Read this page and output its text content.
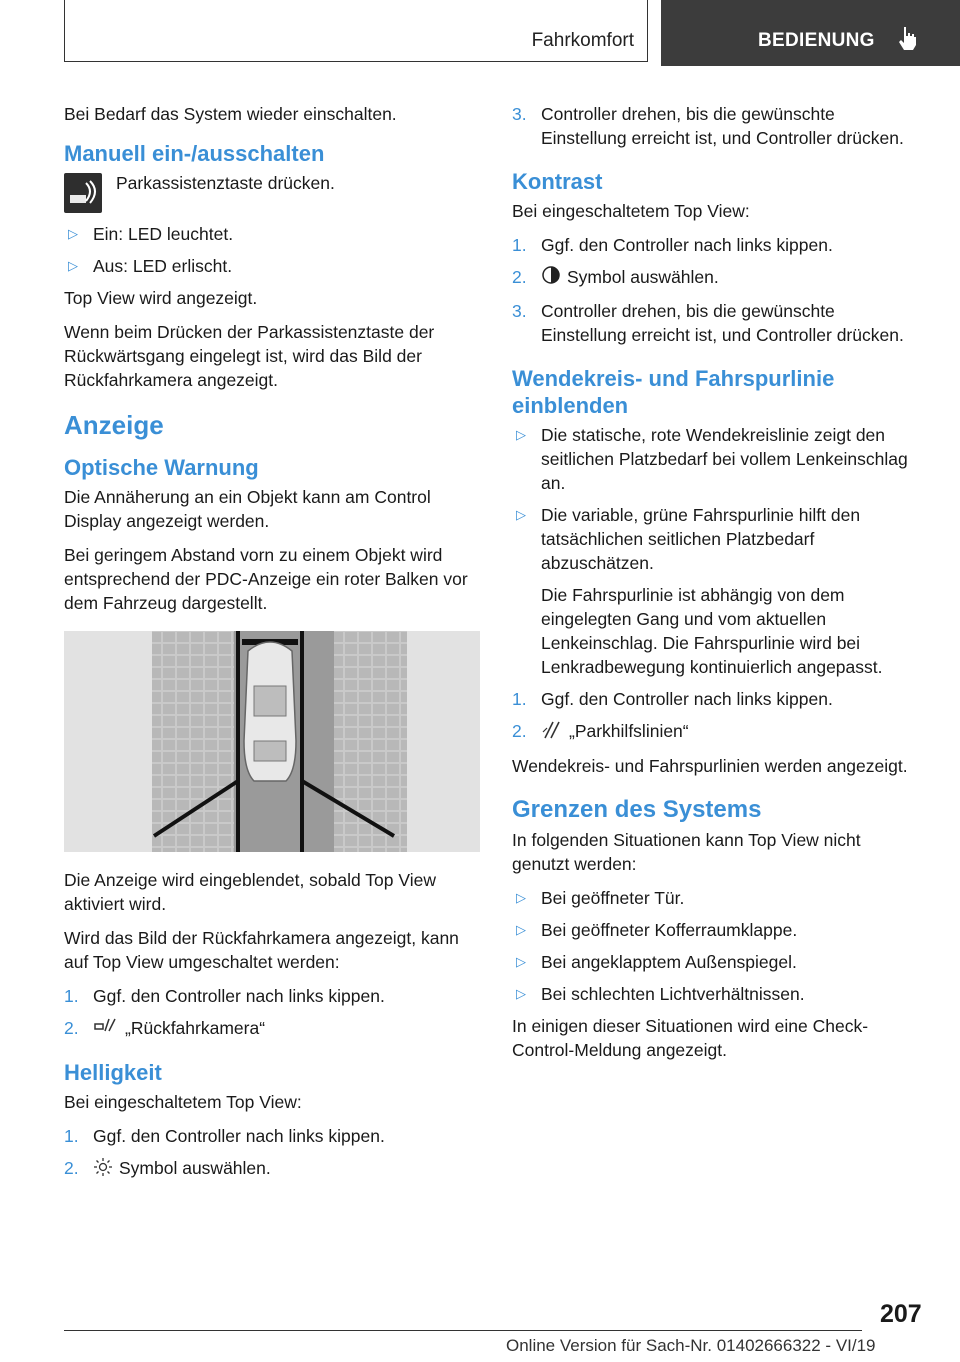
Fahrkomfort	BEDIENUNG

Bei Bedarf das System wieder einschalten.

Manuell ein-/ausschalten
Parkassistenztaste drücken.
▷ Ein: LED leuchtet.
▷ Aus: LED erlischt.

Top View wird angezeigt.

Wenn beim Drücken der Parkassistenztaste der Rückwärtsgang eingelegt ist, wird das Bild der Rückfahrkamera angezeigt.

Anzeige
Optische Warnung

Die Annäherung an ein Objekt kann am Control Display angezeigt werden.

Bei geringem Abstand vorn zu einem Objekt wird entsprechend der PDC-Anzeige ein roter Balken vor dem Fahrzeug dargestellt.

Die Anzeige wird eingeblendet, sobald Top View aktiviert wird.

Wird das Bild der Rückfahrkamera angezeigt, kann auf Top View umgeschaltet werden:

1. Ggf. den Controller nach links kippen.
2.	„Rückfahrkamera“
Helligkeit

Bei eingeschaltetem Top View:

1. Ggf. den Controller nach links kippen.
2. Symbol auswählen.
3. Controller drehen, bis die gewünschte Einstellung erreicht ist, und Controller drücken.
Kontrast

Bei eingeschaltetem Top View:

1. Ggf. den Controller nach links kippen.
2. Symbol auswählen.
3. Controller drehen, bis die gewünschte Einstellung erreicht ist, und Controller drücken.
Wendekreis- und Fahrspurlinie einblenden
▷ Die statische, rote Wendekreislinie zeigt den seitlichen Platzbedarf bei vollem Lenkeinschlag an.
▷ Die variable, grüne Fahrspurlinie hilft den tatsächlichen seitlichen Platzbedarf abzuschätzen.

Die Fahrspurlinie ist abhängig von dem eingelegten Gang und vom aktuellen Lenkeinschlag. Die Fahrspurlinie wird bei Lenkradbewegung kontinuierlich angepasst.

1. Ggf. den Controller nach links kippen.
2. „Parkhilfslinien“

Wendekreis- und Fahrspurlinien werden angezeigt.

Grenzen des Systems

In folgenden Situationen kann Top View nicht genutzt werden:

▷ Bei geöffneter Tür.
▷ Bei geöffneter Kofferraumklappe.
▷ Bei angeklapptem Außenspiegel.
▷ Bei schlechten Lichtverhältnissen.

In einigen dieser Situationen wird eine Check-Control-Meldung angezeigt.

207
Online Version für Sach-Nr. 01402666322 - VI/19
